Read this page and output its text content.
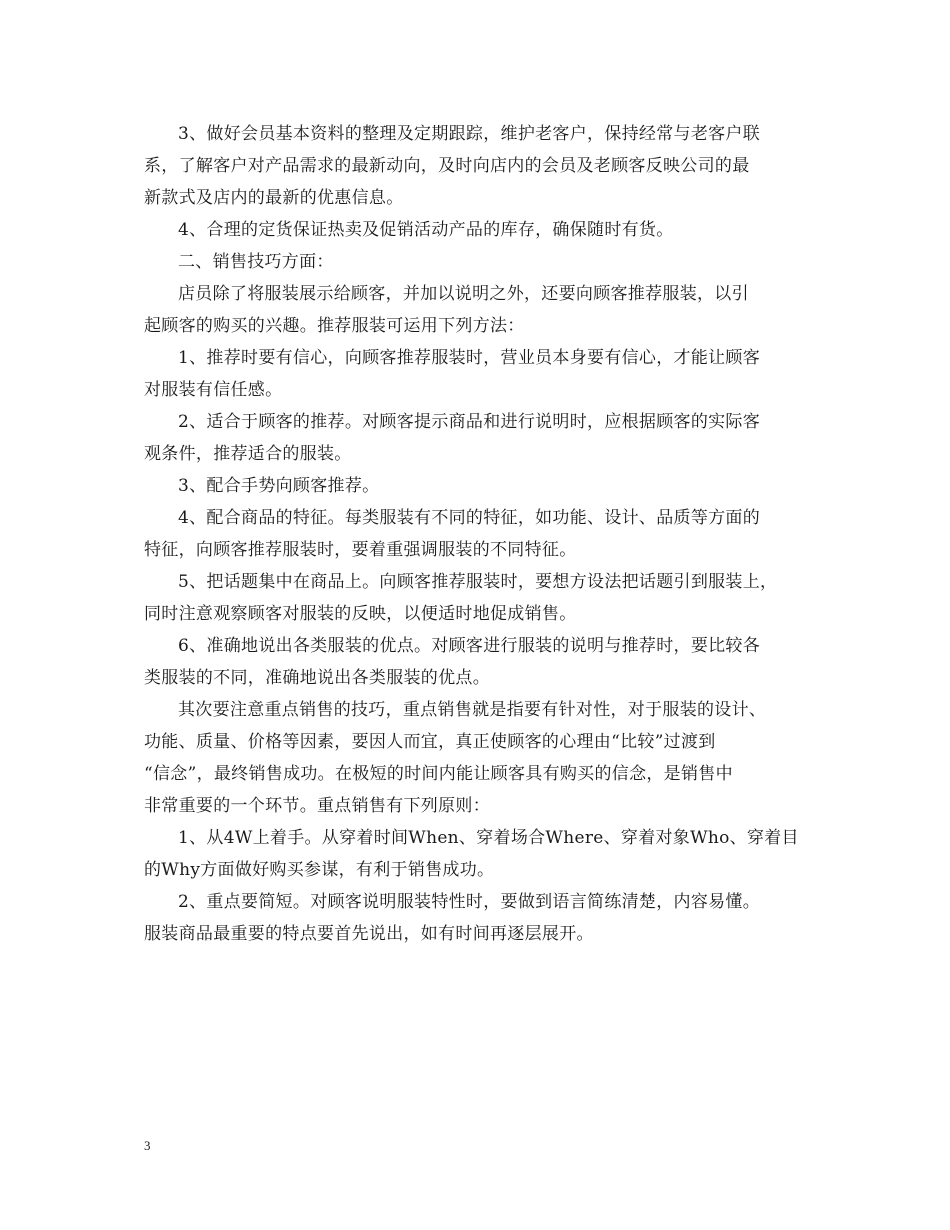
3、做好会员基本资料的整理及定期跟踪，维护老客户，保持经常与老客户联
系，了解客户对产品需求的最新动向，及时向店内的会员及老顾客反映公司的最
新款式及店内的最新的优惠信息。
4、合理的定货保证热卖及促销活动产品的库存，确保随时有货。
二、销售技巧方面：
店员除了将服装展示给顾客，并加以说明之外，还要向顾客推荐服装，以引
起顾客的购买的兴趣。推荐服装可运用下列方法：
1、推荐时要有信心，向顾客推荐服装时，营业员本身要有信心，才能让顾客
对服装有信任感。
2、适合于顾客的推荐。对顾客提示商品和进行说明时，应根据顾客的实际客
观条件，推荐适合的服装。
3、配合手势向顾客推荐。
4、配合商品的特征。每类服装有不同的特征，如功能、设计、品质等方面的
特征，向顾客推荐服装时，要着重强调服装的不同特征。
5、把话题集中在商品上。向顾客推荐服装时，要想方设法把话题引到服装上，
同时注意观察顾客对服装的反映，以便适时地促成销售。
6、准确地说出各类服装的优点。对顾客进行服装的说明与推荐时，要比较各
类服装的不同，准确地说出各类服装的优点。
其次要注意重点销售的技巧，重点销售就是指要有针对性，对于服装的设计、
功能、质量、价格等因素，要因人而宜，真正使顾客的心理由“比较”过渡到
“信念”，最终销售成功。在极短的时间内能让顾客具有购买的信念，是销售中
非常重要的一个环节。重点销售有下列原则：
1、从4W上着手。从穿着时间When、穿着场合Where、穿着对象Who、穿着目
的Why方面做好购买参谋，有利于销售成功。
2、重点要简短。对顾客说明服装特性时，要做到语言简练清楚，内容易懂。
服装商品最重要的特点要首先说出，如有时间再逐层展开。
3
